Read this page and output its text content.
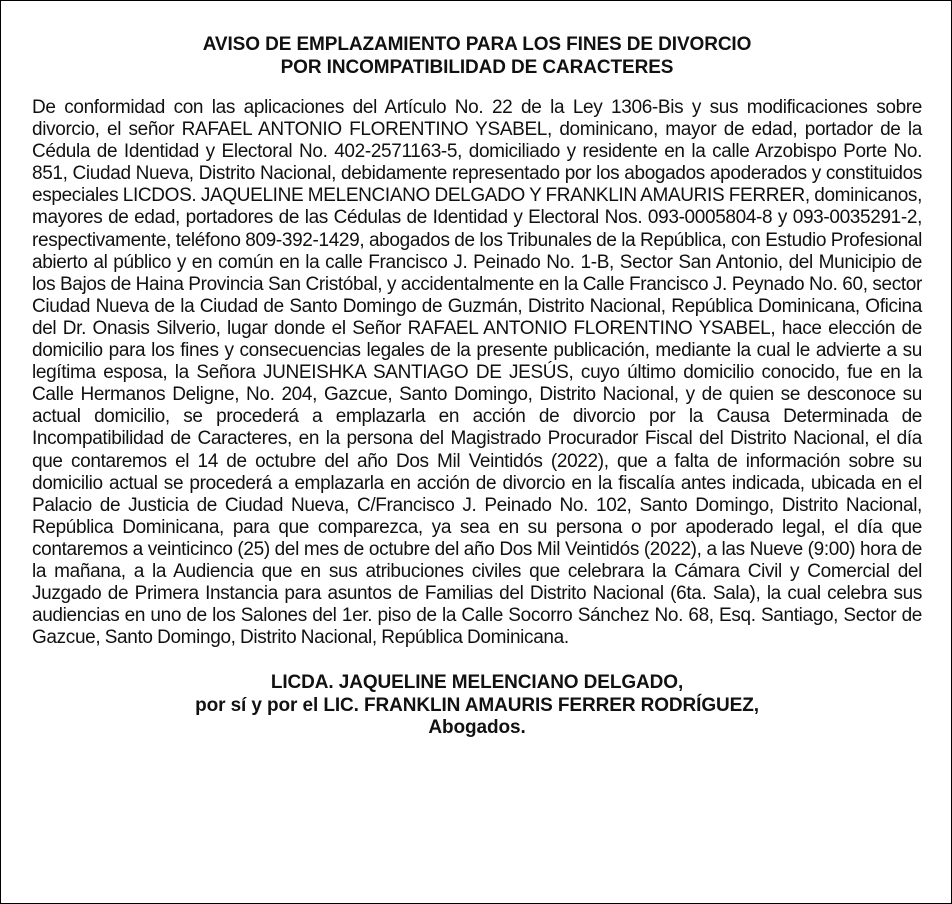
AVISO DE EMPLAZAMIENTO PARA LOS FINES DE DIVORCIO
POR INCOMPATIBILIDAD DE CARACTERES

De conformidad con las aplicaciones del Artículo No. 22 de la Ley 1306-Bis y sus modificaciones sobre divorcio, el señor RAFAEL ANTONIO FLORENTINO YSABEL, dominicano, mayor de edad, portador de la Cédula de Identidad y Electoral No. 402-2571163-5, domiciliado y residente en la calle Arzobispo Porte No. 851, Ciudad Nueva, Distrito Nacional, debidamente representado por los abogados apoderados y constituidos especiales LICDOS. JAQUELINE MELENCIANO DELGADO Y FRANKLIN AMAURIS FERRER, dominicanos, mayores de edad, portadores de las Cédulas de Identidad y Electoral Nos. 093-0005804-8 y 093-0035291-2, respectivamente, teléfono 809-392-1429, abogados de los Tribunales de la República, con Estudio Profesional abierto al público y en común en la calle Francisco J. Peinado No. 1-B, Sector San Antonio, del Municipio de los Bajos de Haina Provincia San Cristóbal, y accidentalmente en la Calle Francisco J. Peynado No. 60, sector Ciudad Nueva de la Ciudad de Santo Domingo de Guzmán, Distrito Nacional, República Dominicana, Oficina del Dr. Onasis Silverio, lugar donde el Señor RAFAEL ANTONIO FLORENTINO YSABEL, hace elección de domicilio para los fines y consecuencias legales de la presente publicación, mediante la cual le advierte a su legítima esposa, la Señora JUNEISHKA SANTIAGO DE JESÚS, cuyo último domicilio conocido, fue en la Calle Hermanos Deligne, No. 204, Gazcue, Santo Domingo, Distrito Nacional, y de quien se desconoce su actual domicilio, se procederá a emplazarla en acción de divorcio por la Causa Determinada de Incompatibilidad de Caracteres, en la persona del Magistrado Procurador Fiscal del Distrito Nacional, el día que contaremos el 14 de octubre del año Dos Mil Veintidós (2022), que a falta de información sobre su domicilio actual se procederá a emplazarla en acción de divorcio en la fiscalía antes indicada, ubicada en el Palacio de Justicia de Ciudad Nueva, C/Francisco J. Peinado No. 102, Santo Domingo, Distrito Nacional, República Dominicana, para que comparezca, ya sea en su persona o por apoderado legal, el día que contaremos a veinticinco (25) del mes de octubre del año Dos Mil Veintidós (2022), a las Nueve (9:00) hora de la mañana, a la Audiencia que en sus atribuciones civiles que celebrara la Cámara Civil y Comercial del Juzgado de Primera Instancia para asuntos de Familias del Distrito Nacional (6ta. Sala), la cual celebra sus audiencias en uno de los Salones del 1er. piso de la Calle Socorro Sánchez No. 68, Esq. Santiago, Sector de Gazcue, Santo Domingo, Distrito Nacional, República Dominicana.

LICDA. JAQUELINE MELENCIANO DELGADO,
por sí y por el LIC. FRANKLIN AMAURIS FERRER RODRÍGUEZ,
Abogados.
